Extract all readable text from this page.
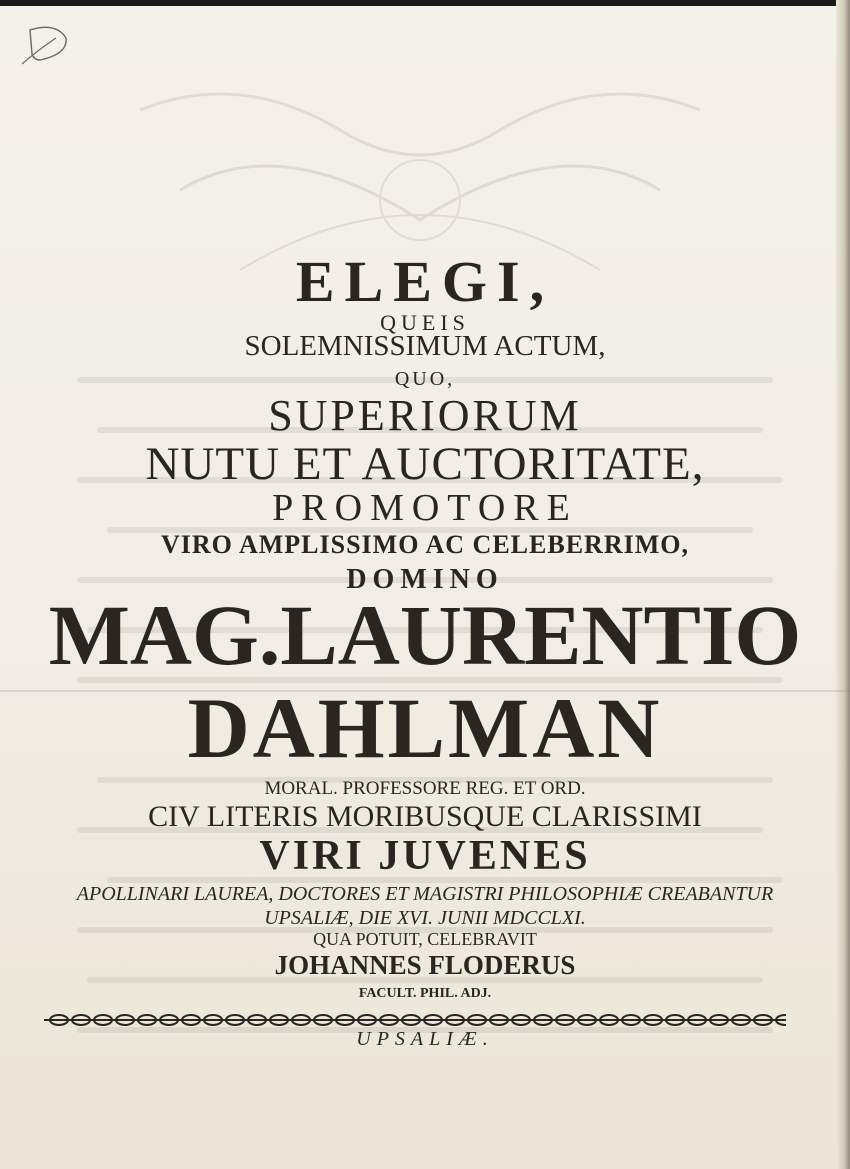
ELEGI,
QUEIS
SOLEMNISSIMUM ACTUM,
QUO,
SUPERIORUM
NUTU ET AUCTORITATE,
PROMOTORE
VIRO AMPLISSIMO AC CELEBERRIMO,
DOMINO
MAG.LAURENTIO
DAHLMAN
MORAL. PROFESSORE REG. ET ORD.
CIV LITERIS MORIBUSQUE CLARISSIMI
VIRI JUVENES
APOLLINARI LAUREA, DOCTORES ET MAGISTRI PHILOSOPHIÆ CREABANTUR
UPSALIÆ, DIE XVI. JUNII MDCCLXI.
QUA POTUIT, CELEBRAVIT
JOHANNES FLODERUS
FACULT. PHIL. ADJ.
UPSALIÆ.
